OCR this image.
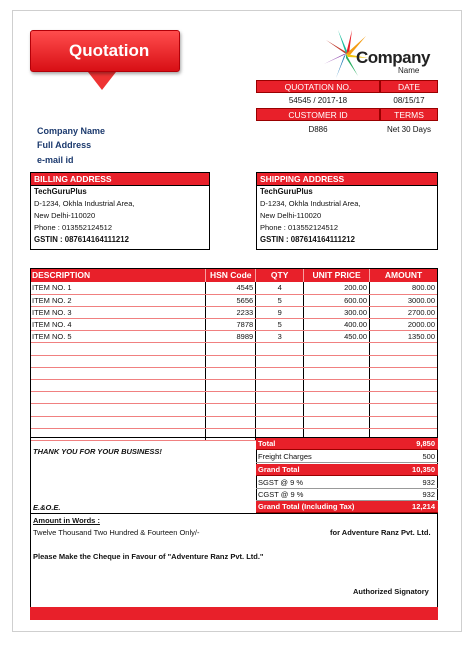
Quotation	Company
Name
QUOTATION NO.	DATE
54545 / 2017-18	08/15/17
CUSTOMER ID	TERMS
D886	Net 30 Days
Company Name
Full Address
e-mail id
BILLING ADDRESS
TechGuruPlus
D-1234, Okhla Industrial Area,
New Delhi-110020
Phone : 013552124512
GSTIN : 087614164111212
SHIPPING ADDRESS
TechGuruPlus
D-1234, Okhla Industrial Area,
New Delhi-110020
Phone : 013552124512
GSTIN : 087614164111212
DESCRIPTION	HSN Code	QTY	UNIT PRICE	AMOUNT
ITEM NO. 1	4545	4	200.00	800.00
ITEM NO. 2	5656	5	600.00	3000.00
ITEM NO. 3	2233	9	300.00	2700.00
ITEM NO. 4	7878	5	400.00	2000.00
ITEM NO. 5	8989	3	450.00	1350.00

THANK YOU FOR YOUR BUSINESS!
Total	9,850
Freight Charges	500
Grand Total	10,350
SGST @ 9 %	932
CGST @ 9 %	932
Grand Total (Including Tax)	12,214
E.&O.E.
Amount in Words :
Twelve Thousand Two Hundred & Fourteen Only/-	for Adventure Ranz Pvt. Ltd.
Please Make the Cheque in Favour of "Adventure Ranz Pvt. Ltd."
Authorized Signatory
